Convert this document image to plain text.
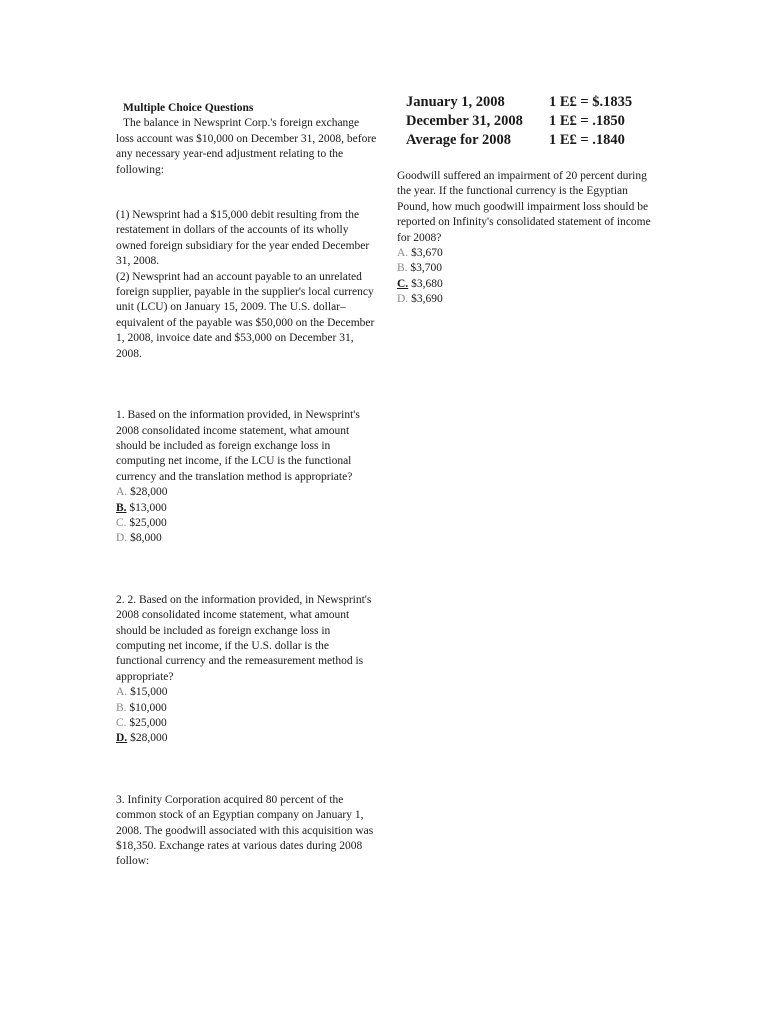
Multiple Choice Questions

The balance in Newsprint Corp.'s foreign exchange loss account was $10,000 on December 31, 2008, before any necessary year-end adjustment relating to the following:

(1) Newsprint had a $15,000 debit resulting from the restatement in dollars of the accounts of its wholly owned foreign subsidiary for the year ended December 31, 2008.

(2) Newsprint had an account payable to an unrelated foreign supplier, payable in the supplier's local currency unit (LCU) on January 15, 2009. The U.S. dollar–equivalent of the payable was $50,000 on the December 1, 2008, invoice date and $53,000 on December 31, 2008.

1. Based on the information provided, in Newsprint's 2008 consolidated income statement, what amount should be included as foreign exchange loss in computing net income, if the LCU is the functional currency and the translation method is appropriate?

A. $28,000
B. $13,000
C. $25,000
D. $8,000

2. 2. Based on the information provided, in Newsprint's 2008 consolidated income statement, what amount should be included as foreign exchange loss in computing net income, if the U.S. dollar is the functional currency and the remeasurement method is appropriate?

A. $15,000
B. $10,000
C. $25,000
D. $28,000

3. Infinity Corporation acquired 80 percent of the common stock of an Egyptian company on January 1, 2008. The goodwill associated with this acquisition was $18,350. Exchange rates at various dates during 2008 follow:

January 1, 2008	1 E£ = $.1835
December 31, 2008	1 E£ = .1850
Average for 2008	1 E£ = .1840

Goodwill suffered an impairment of 20 percent during the year. If the functional currency is the Egyptian Pound, how much goodwill impairment loss should be reported on Infinity's consolidated statement of income for 2008?

A. $3,670
B. $3,700
C. $3,680
D. $3,690
